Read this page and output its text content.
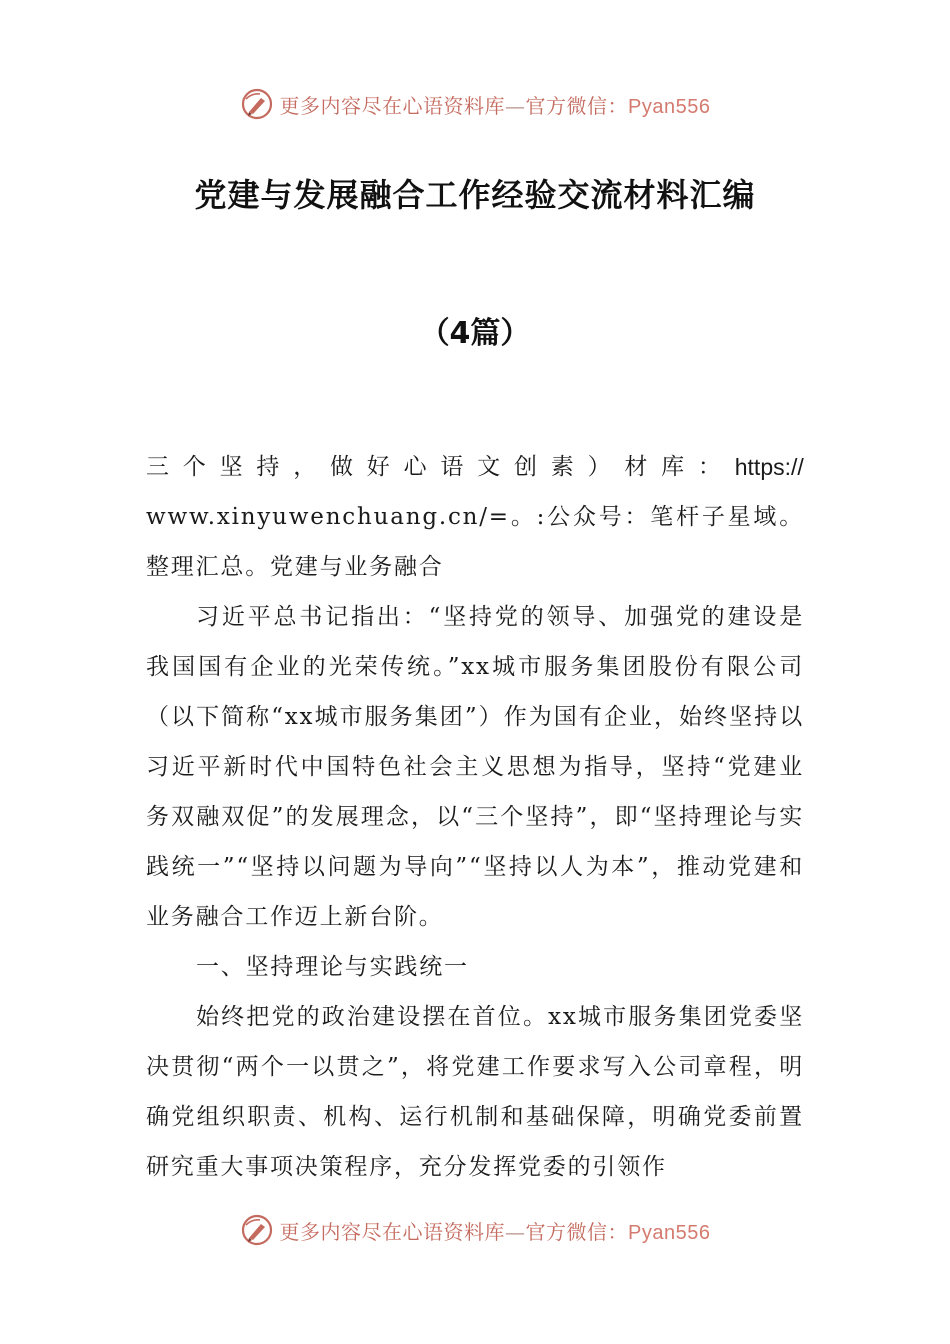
更多内容尽在心语资料库—官方微信：Pyan556
党建与发展融合工作经验交流材料汇编
（4篇）
三 个 坚 持 ， 做 好 心 语 文 创 素 ） 材 库 ： https://

www.xinyuwenchuang.cn/=。:公众号：笔杆子星域。整理汇总。党建与业务融合

习近平总书记指出：“坚持党的领导、加强党的建设是我国国有企业的光荣传统。”xx城市服务集团股份有限公司（以下简称“xx城市服务集团”）作为国有企业，始终坚持以习近平新时代中国特色社会主义思想为指导，坚持“党建业务双融双促”的发展理念，以“三个坚持”，即“坚持理论与实践统一”“坚持以问题为导向”“坚持以人为本”，推动党建和业务融合工作迈上新台阶。

一、坚持理论与实践统一

始终把党的政治建设摆在首位。xx城市服务集团党委坚决贯彻“两个一以贯之”，将党建工作要求写入公司章程，明确党组织职责、机构、运行机制和基础保障，明确党委前置研究重大事项决策程序，充分发挥党委的引领作

更多内容尽在心语资料库—官方微信：Pyan556
